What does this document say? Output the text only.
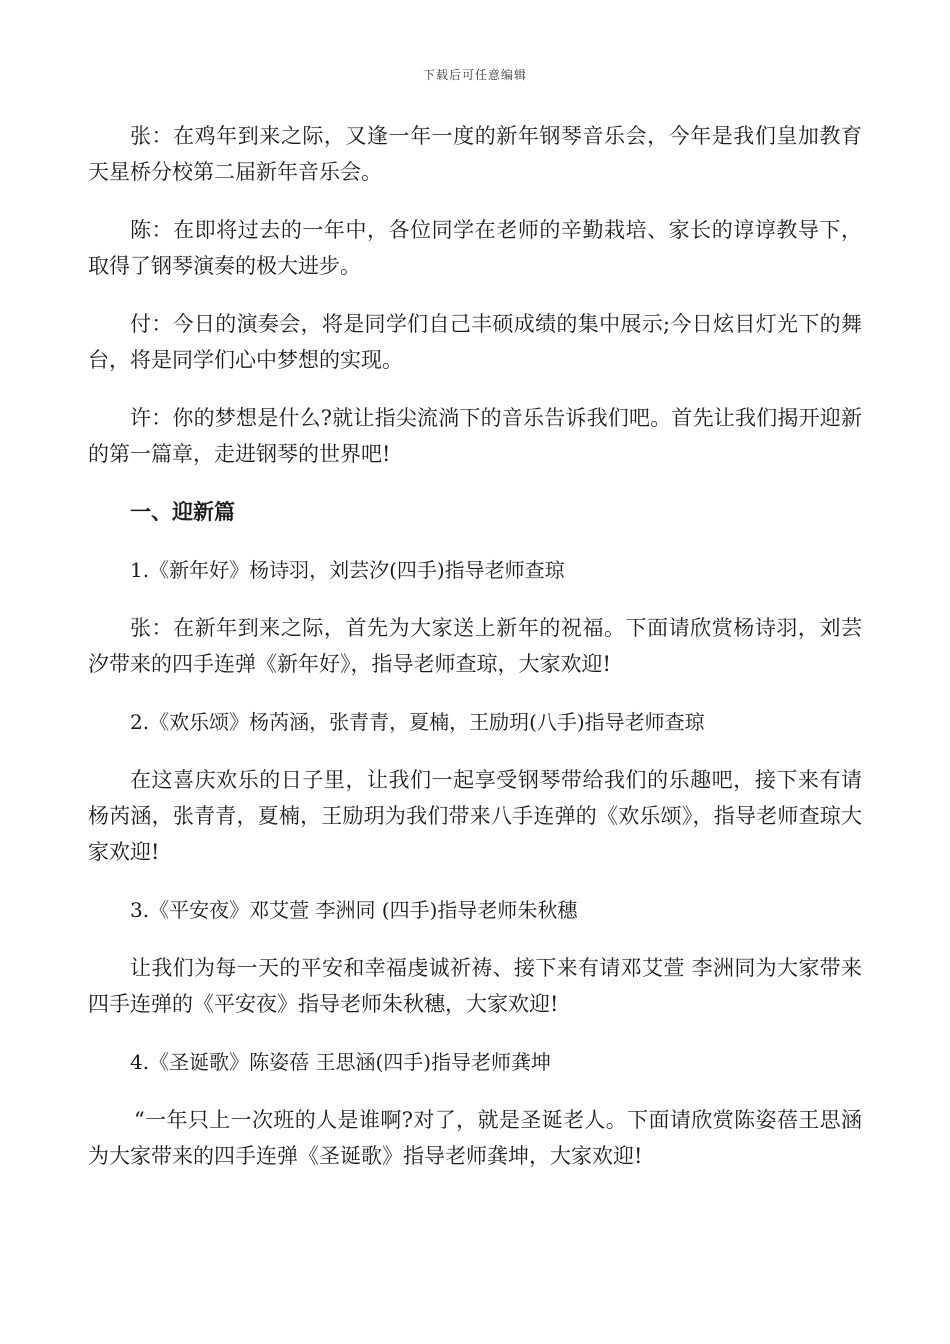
下载后可任意编辑

张：在鸡年到来之际，又逢一年一度的新年钢琴音乐会，今年是我们皇加教育天星桥分校第二届新年音乐会。

陈：在即将过去的一年中，各位同学在老师的辛勤栽培、家长的谆谆教导下，取得了钢琴演奏的极大进步。

付：今日的演奏会，将是同学们自己丰硕成绩的集中展示;今日炫目灯光下的舞台，将是同学们心中梦想的实现。

许：你的梦想是什么?就让指尖流淌下的音乐告诉我们吧。首先让我们揭开迎新的第一篇章，走进钢琴的世界吧!

一、迎新篇

1.《新年好》杨诗羽，刘芸汐(四手)指导老师查琼

张：在新年到来之际，首先为大家送上新年的祝福。下面请欣赏杨诗羽，刘芸汐带来的四手连弹《新年好》，指导老师查琼，大家欢迎!

2.《欢乐颂》杨芮涵，张青青，夏楠，王励玥(八手)指导老师查琼

在这喜庆欢乐的日子里，让我们一起享受钢琴带给我们的乐趣吧，接下来有请杨芮涵，张青青，夏楠，王励玥为我们带来八手连弹的《欢乐颂》，指导老师查琼大家欢迎!

3.《平安夜》邓艾萱 李洲同 (四手)指导老师朱秋穗

让我们为每一天的平安和幸福虔诚祈祷、接下来有请邓艾萱 李洲同为大家带来四手连弹的《平安夜》指导老师朱秋穗，大家欢迎!

4.《圣诞歌》陈姿蓓 王思涵(四手)指导老师龚坤

“一年只上一次班的人是谁啊?对了，就是圣诞老人。下面请欣赏陈姿蓓王思涵为大家带来的四手连弹《圣诞歌》指导老师龚坤，大家欢迎!
